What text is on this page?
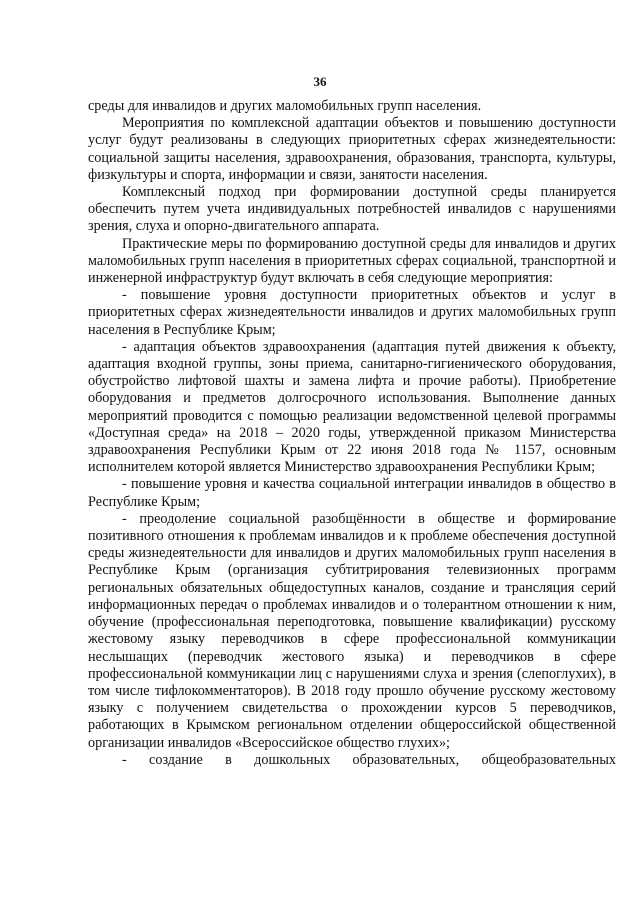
36

среды для инвалидов и других маломобильных групп населения.

Мероприятия по комплексной адаптации объектов и повышению доступности услуг будут реализованы в следующих приоритетных сферах жизнедеятельности: социальной защиты населения, здравоохранения, образования, транспорта, культуры, физкультуры и спорта, информации и связи, занятости населения.

Комплексный подход при формировании доступной среды планируется обеспечить путем учета индивидуальных потребностей инвалидов с нарушениями зрения, слуха и опорно-двигательного аппарата.

Практические меры по формированию доступной среды для инвалидов и других маломобильных групп населения в приоритетных сферах социальной, транспортной и инженерной инфраструктур будут включать в себя следующие мероприятия:

- повышение уровня доступности приоритетных объектов и услуг в приоритетных сферах жизнедеятельности инвалидов и других маломобильных групп населения в Республике Крым;

- адаптация объектов здравоохранения (адаптация путей движения к объекту, адаптация входной группы, зоны приема, санитарно-гигиенического оборудования, обустройство лифтовой шахты и замена лифта и прочие работы). Приобретение оборудования и предметов долгосрочного использования. Выполнение данных мероприятий проводится с помощью реализации ведомственной целевой программы «Доступная среда» на 2018 – 2020 годы, утвержденной приказом Министерства здравоохранения Республики Крым от 22 июня 2018 года № 1157, основным исполнителем которой является Министерство здравоохранения Республики Крым;

- повышение уровня и качества социальной интеграции инвалидов в общество в Республике Крым;

- преодоление социальной разобщённости в обществе и формирование позитивного отношения к проблемам инвалидов и к проблеме обеспечения доступной среды жизнедеятельности для инвалидов и других маломобильных групп населения в Республике Крым (организация субтитрирования телевизионных программ региональных обязательных общедоступных каналов, создание и трансляция серий информационных передач о проблемах инвалидов и о толерантном отношении к ним, обучение (профессиональная переподготовка, повышение квалификации) русскому жестовому языку переводчиков в сфере профессиональной коммуникации неслышащих (переводчик жестового языка) и переводчиков в сфере профессиональной коммуникации лиц с нарушениями слуха и зрения (слепоглухих), в том числе тифлокомментаторов). В 2018 году прошло обучение русскому жестовому языку с получением свидетельства о прохождении курсов 5 переводчиков, работающих в Крымском региональном отделении общероссийской общественной организации инвалидов «Всероссийское общество глухих»;

- создание в дошкольных образовательных, общеобразовательных
